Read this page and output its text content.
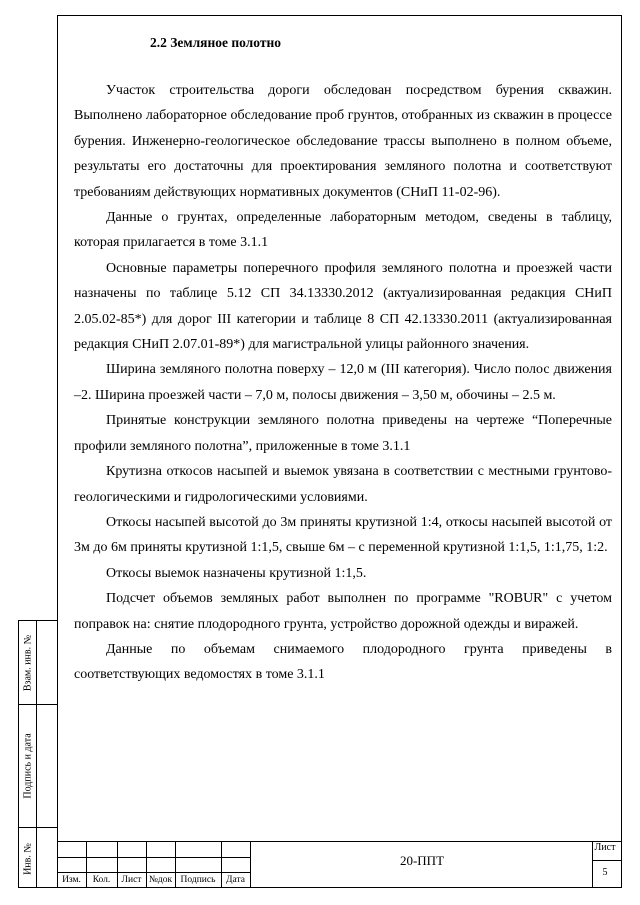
2.2 Земляное полотно

Участок строительства дороги обследован посредством бурения скважин. Выполнено лабораторное обследование проб грунтов, отобранных из скважин в процессе бурения. Инженерно-геологическое обследование трассы выполнено в полном объеме, результаты его достаточны для проектирования земляного полотна и соответствуют требованиям действующих нормативных документов (СНиП 11-02-96).

Данные о грунтах, определенные лабораторным методом, сведены в таблицу, которая прилагается в томе 3.1.1

Основные параметры поперечного профиля земляного полотна и проезжей части назначены по таблице 5.12 СП 34.13330.2012 (актуализированная редакция СНиП 2.05.02-85*) для дорог III категории и таблице 8 СП 42.13330.2011 (актуализированная редакция СНиП 2.07.01-89*) для магистральной улицы районного значения.

Ширина земляного полотна поверху – 12,0 м (III категория). Число полос движения –2. Ширина проезжей части – 7,0 м, полосы движения – 3,50 м, обочины – 2.5 м.

Принятые конструкции земляного полотна приведены на чертеже “Поперечные профили земляного полотна”, приложенные в томе 3.1.1

Крутизна откосов насыпей и выемок увязана в соответствии с местными грунтово-геологическими и гидрологическими условиями.

Откосы насыпей высотой до 3м приняты крутизной 1:4, откосы насыпей высотой от 3м до 6м приняты крутизной 1:1,5, свыше 6м – с переменной крутизной 1:1,5, 1:1,75, 1:2.

Откосы выемок назначены крутизной 1:1,5.

Подсчет объемов земляных работ выполнен по программе "ROBUR" с учетом поправок на: снятие плодородного грунта, устройство дорожной одежды и виражей.

Данные по объемам снимаемого плодородного грунта приведены в соответствующих ведомостях в томе 3.1.1

Взам. инв. №
Подпись и дата
Инв. №
Изм.	Кол.	Лист №док Подпись	Дата
20-ППТ
Лист
5
